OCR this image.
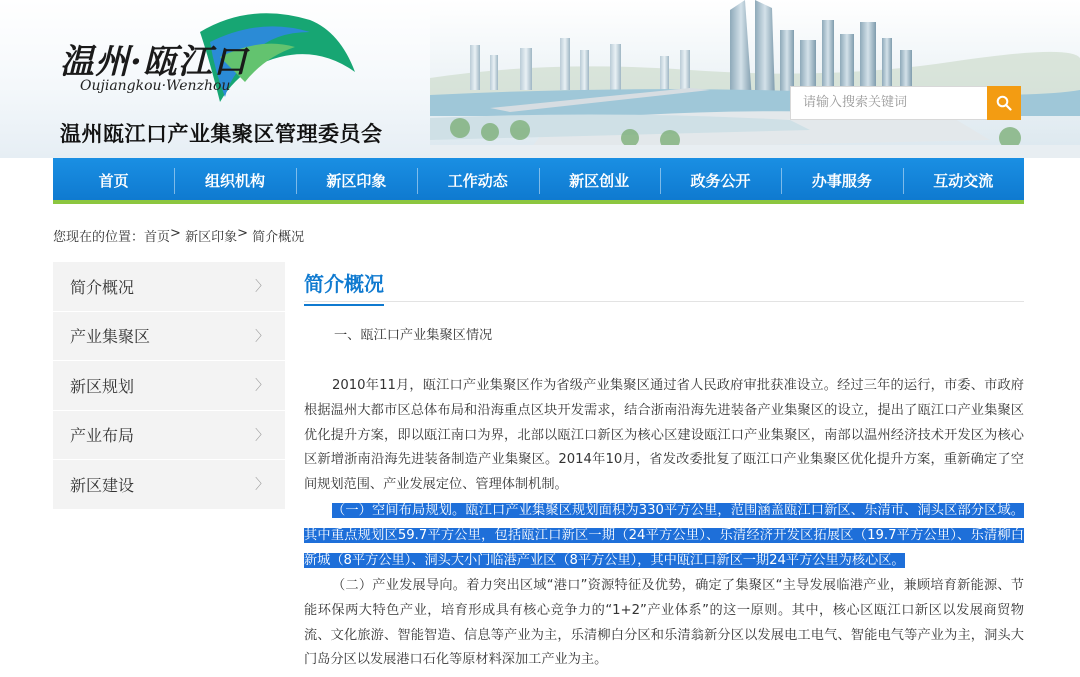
温州·瓯江口
Oujiangkou·Wenzhou
温州瓯江口产业集聚区管理委员会
请输入搜索关键词
首页	组织机构	新区印象	工作动态	新区创业	政务公开	办事服务	互动交流
您现在的位置： 首页 >
新区印象 >
简介概况
简介概况	〉
产业集聚区	〉
新区规划	〉
产业布局	〉
新区建设	〉
简介概况
一、瓯江口产业集聚区情况

2010年11月，瓯江口产业集聚区作为省级产业集聚区通过省人民政府审批获准设立。经过三年的运行，市委、市政府根据温州大都市区总体布局和沿海重点区块开发需求，结合浙南沿海先进装备产业集聚区的设立，提出了瓯江口产业集聚区优化提升方案，即以瓯江南口为界，北部以瓯江口新区为核心区建设瓯江口产业集聚区，南部以温州经济技术开发区为核心区新增浙南沿海先进装备制造产业集聚区。2014年10月，省发改委批复了瓯江口产业集聚区优化提升方案，重新确定了空间规划范围、产业发展定位、管理体制机制。

（一）空间布局规划。瓯江口产业集聚区规划面积为330平方公里，范围涵盖瓯江口新区、乐清市、洞头区部分区域。其中重点规划区59.7平方公里，包括瓯江口新区一期（24平方公里）、乐清经济开发区拓展区（19.7平方公里）、乐清柳白新城（8平方公里）、洞头大小门临港产业区（8平方公里），其中瓯江口新区一期24平方公里为核心区。

（二）产业发展导向。着力突出区域“港口”资源特征及优势，确定了集聚区“主导发展临港产业，兼顾培育新能源、节能环保两大特色产业，培育形成具有核心竞争力的“1+2”产业体系”的这一原则。其中，核心区瓯江口新区以发展商贸物流、文化旅游、智能智造、信息等产业为主，乐清柳白分区和乐清翁新分区以发展电工电气、智能电气等产业为主，洞头大门岛分区以发展港口石化等原材料深加工产业为主。
